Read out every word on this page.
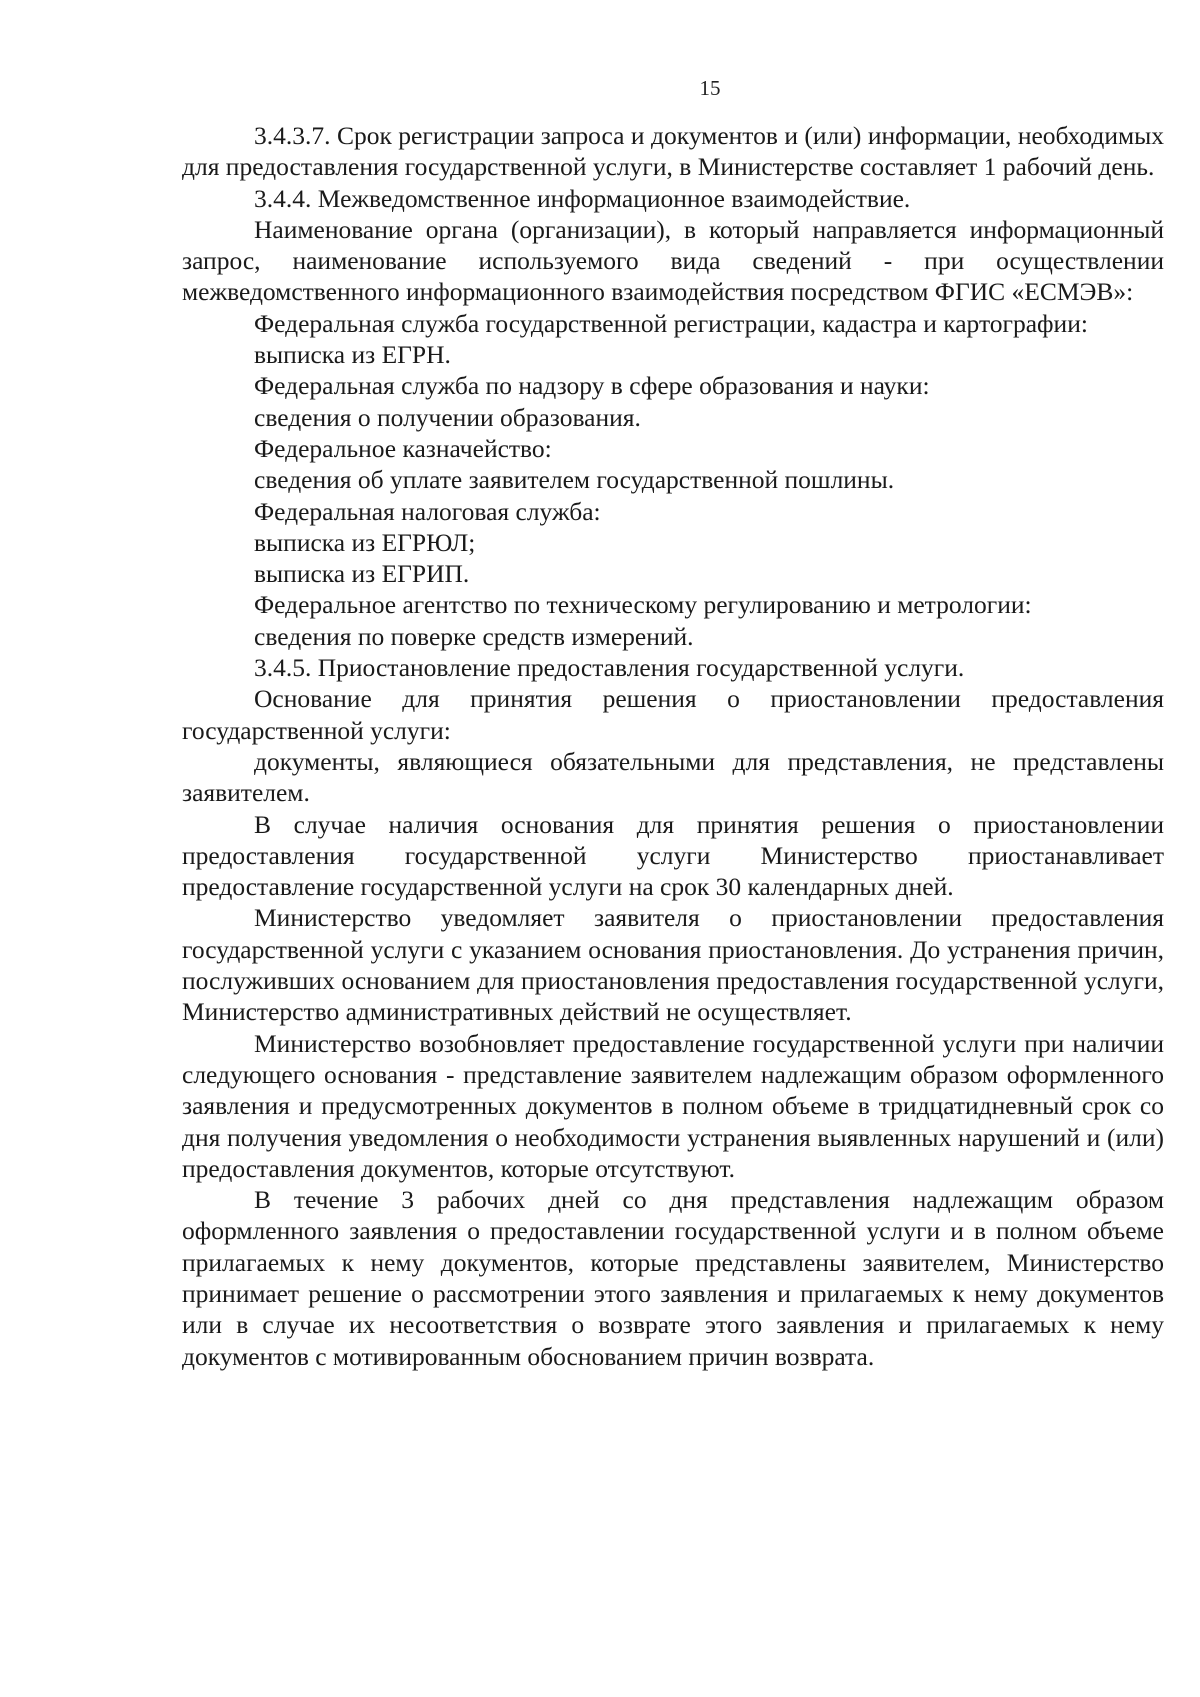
15

3.4.3.7. Срок регистрации запроса и документов и (или) информации, необходимых для предоставления государственной услуги, в Министерстве составляет 1 рабочий день.

3.4.4. Межведомственное информационное взаимодействие.

Наименование органа (организации), в который направляется информационный запрос, наименование используемого вида сведений - при осуществлении межведомственного информационного взаимодействия посредством ФГИС «ЕСМЭВ»:

Федеральная служба государственной регистрации, кадастра и картографии:

выписка из ЕГРН.

Федеральная служба по надзору в сфере образования и науки:

сведения о получении образования.

Федеральное казначейство:

сведения об уплате заявителем государственной пошлины.

Федеральная налоговая служба:

выписка из ЕГРЮЛ;

выписка из ЕГРИП.

Федеральное агентство по техническому регулированию и метрологии:

сведения по поверке средств измерений.

3.4.5. Приостановление предоставления государственной услуги.

Основание для принятия решения о приостановлении предоставления государственной услуги:

документы, являющиеся обязательными для представления, не представлены заявителем.

В случае наличия основания для принятия решения о приостановлении предоставления государственной услуги Министерство приостанавливает предоставление государственной услуги на срок 30 календарных дней.

Министерство уведомляет заявителя о приостановлении предоставления государственной услуги с указанием основания приостановления. До устранения причин, послуживших основанием для приостановления предоставления государственной услуги, Министерство административных действий не осуществляет.

Министерство возобновляет предоставление государственной услуги при наличии следующего основания - представление заявителем надлежащим образом оформленного заявления и предусмотренных документов в полном объеме в тридцатидневный срок со дня получения уведомления о необходимости устранения выявленных нарушений и (или) предоставления документов, которые отсутствуют.

В течение 3 рабочих дней со дня представления надлежащим образом оформленного заявления о предоставлении государственной услуги и в полном объеме прилагаемых к нему документов, которые представлены заявителем, Министерство принимает решение о рассмотрении этого заявления и прилагаемых к нему документов или в случае их несоответствия о возврате этого заявления и прилагаемых к нему документов с мотивированным обоснованием причин возврата.
